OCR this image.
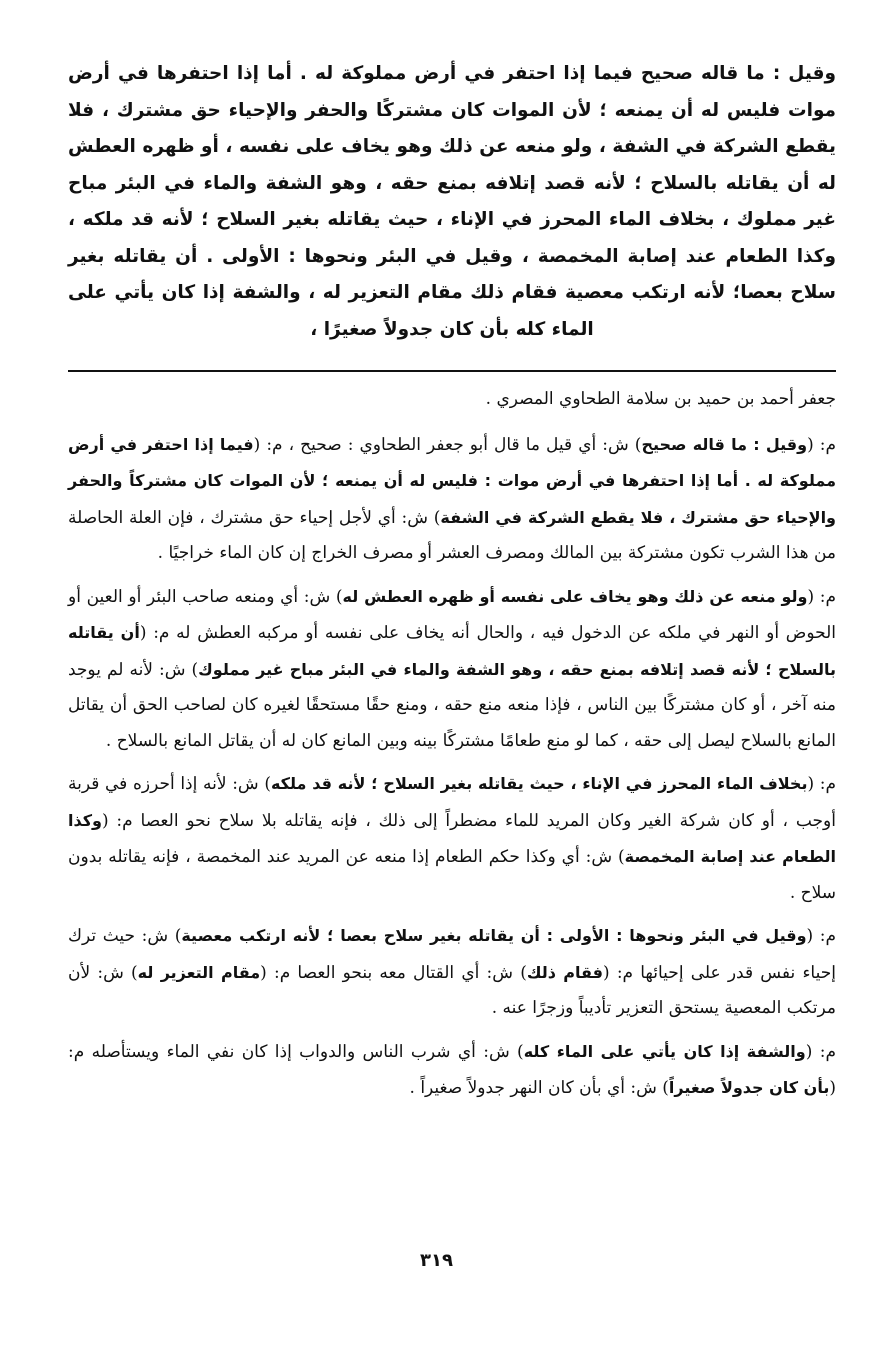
وقيل : ما قاله صحيح فيما إذا احتفر في أرض مملوكة له . أما إذا احتفرها في أرض موات فليس له أن يمنعه ؛ لأن الموات كان مشتركًا والحفر والإحياء حق مشترك ، فلا يقطع الشركة في الشفة ، ولو منعه عن ذلك وهو يخاف على نفسه ، أو ظهره العطش له أن يقاتله بالسلاح ؛ لأنه قصد إتلافه بمنع حقه ، وهو الشفة والماء في البئر مباح غير مملوك ، بخلاف الماء المحرز في الإناء ، حيث يقاتله بغير السلاح ؛ لأنه قد ملكه ، وكذا الطعام عند إصابة المخمصة ، وقيل في البئر ونحوها : الأولى . أن يقاتله بغير سلاح بعصا؛ لأنه ارتكب معصية فقام ذلك مقام التعزير له ، والشفة إذا كان يأتي على الماء كله بأن كان جدولاً صغيرًا ،

جعفر أحمد بن حميد بن سلامة الطحاوي المصري .

م: (وقيل : ما قاله صحيح) ش: أي قيل ما قال أبو جعفر الطحاوي : صحيح ، م: (فيما إذا احتفر في أرض مملوكة له . أما إذا احتفرها في أرض موات : فليس له أن يمنعه ؛ لأن الموات كان مشتركاً والحفر والإحياء حق مشترك ، فلا يقطع الشركة في الشفة) ش: أي لأجل إحياء حق مشترك ، فإن العلة الحاصلة من هذا الشرب تكون مشتركة بين المالك ومصرف العشر أو مصرف الخراج إن كان الماء خراجيًا .

م: (ولو منعه عن ذلك وهو يخاف على نفسه أو ظهره العطش له) ش: أي ومنعه صاحب البئر أو العين أو الحوض أو النهر في ملكه عن الدخول فيه ، والحال أنه يخاف على نفسه أو مركبه العطش له م: (أن يقاتله بالسلاح ؛ لأنه قصد إتلافه بمنع حقه ، وهو الشفة والماء في البئر مباح غير مملوك) ش: لأنه لم يوجد منه آخر ، أو كان مشتركًا بين الناس ، فإذا منعه منع حقه ، ومنع حقًا مستحقًا لغيره كان لصاحب الحق أن يقاتل المانع بالسلاح ليصل إلى حقه ، كما لو منع طعامًا مشتركًا بينه وبين المانع كان له أن يقاتل المانع بالسلاح .

م: (بخلاف الماء المحرز في الإناء ، حيث يقاتله بغير السلاح ؛ لأنه قد ملكه) ش: لأنه إذا أحرزه في قربة أوجب ، أو كان شركة الغير وكان المريد للماء مضطراً إلى ذلك ، فإنه يقاتله بلا سلاح نحو العصا م: (وكذا الطعام عند إصابة المخمصة) ش: أي وكذا حكم الطعام إذا منعه عن المريد عند المخمصة ، فإنه يقاتله بدون سلاح .

م: (وقيل في البئر ونحوها : الأولى : أن يقاتله بغير سلاح بعصا ؛ لأنه ارتكب معصية) ش: حيث ترك إحياء نفس قدر على إحيائها م: (فقام ذلك) ش: أي القتال معه بنحو العصا م: (مقام التعزير له) ش: لأن مرتكب المعصية يستحق التعزير تأديباً وزجرًا عنه .

م: (والشفة إذا كان يأتي على الماء كله) ش: أي شرب الناس والدواب إذا كان نفي الماء ويستأصله م: (بأن كان جدولاً صغيراً) ش: أي بأن كان النهر جدولاً صغيراً .

٣١٩
